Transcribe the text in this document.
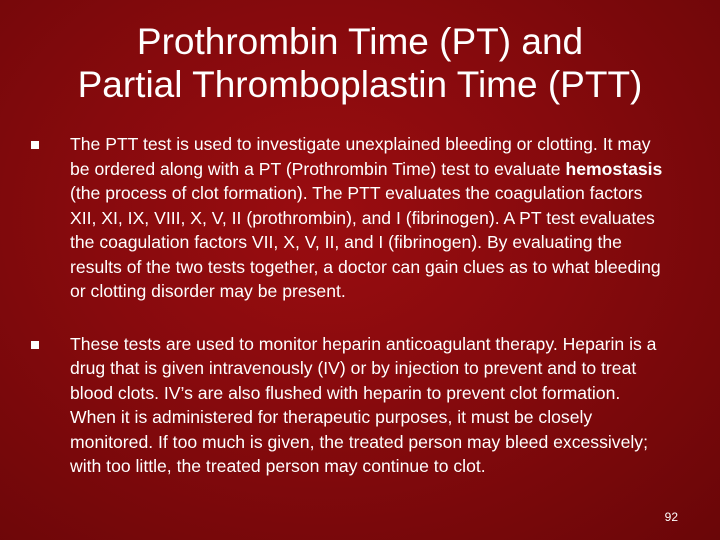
Prothrombin Time (PT) and
Partial Thromboplastin Time (PTT)
The PTT test is used to investigate unexplained bleeding or clotting. It may be ordered along with a PT (Prothrombin Time) test to evaluate hemostasis (the process of clot formation). The PTT evaluates the coagulation factors XII, XI, IX, VIII, X, V, II (prothrombin), and I (fibrinogen). A PT test evaluates the coagulation factors VII, X, V, II, and I (fibrinogen). By evaluating the results of the two tests together, a doctor can gain clues as to what bleeding or clotting disorder may be present.
These tests are used to monitor heparin anticoagulant therapy. Heparin is a drug that is given intravenously (IV) or by injection to prevent and to treat blood clots. IV’s are also flushed with heparin to prevent clot formation. When it is administered for therapeutic purposes, it must be closely monitored. If too much is given, the treated person may bleed excessively; with too little, the treated person may continue to clot.
92
